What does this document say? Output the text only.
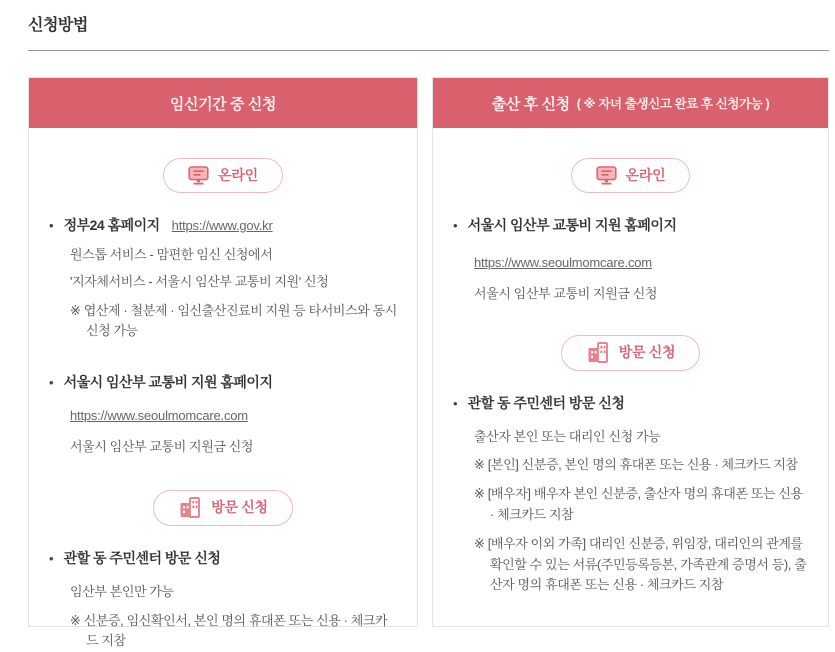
신청방법
임신기간 중 신청
온라인
• 정부24 홈페이지 https://www.gov.kr
원스톱 서비스 - 맘편한 임신 신청에서
'지자체서비스 - 서울시 임산부 교통비 지원' 신청
※ 엽산제 · 철분제 · 임신출산진료비 지원 등 타서비스와 동시 신청 가능
• 서울시 임산부 교통비 지원 홈페이지
https://www.seoulmomcare.com
서울시 임산부 교통비 지원금 신청
방문 신청
• 관할 동 주민센터 방문 신청
임산부 본인만 가능
※ 신분증, 임신확인서, 본인 명의 휴대폰 또는 신용 · 체크카드 지참
출산 후 신청 ( ※ 자녀 출생신고 완료 후 신청가능 )
온라인
• 서울시 임산부 교통비 지원 홈페이지
https://www.seoulmomcare.com
서울시 임산부 교통비 지원금 신청
방문 신청
• 관할 동 주민센터 방문 신청
출산자 본인 또는 대리인 신청 가능
※ [본인] 신분증, 본인 명의 휴대폰 또는 신용 · 체크카드 지참
※ [배우자] 배우자 본인 신분증, 출산자 명의 휴대폰 또는 신용 · 체크카드 지참
※ [배우자 이외 가족] 대리인 신분증, 위임장, 대리인의 관계를 확인할 수 있는 서류(주민등록등본, 가족관계 증명서 등), 출산자 명의 휴대폰 또는 신용 · 체크카드 지참
